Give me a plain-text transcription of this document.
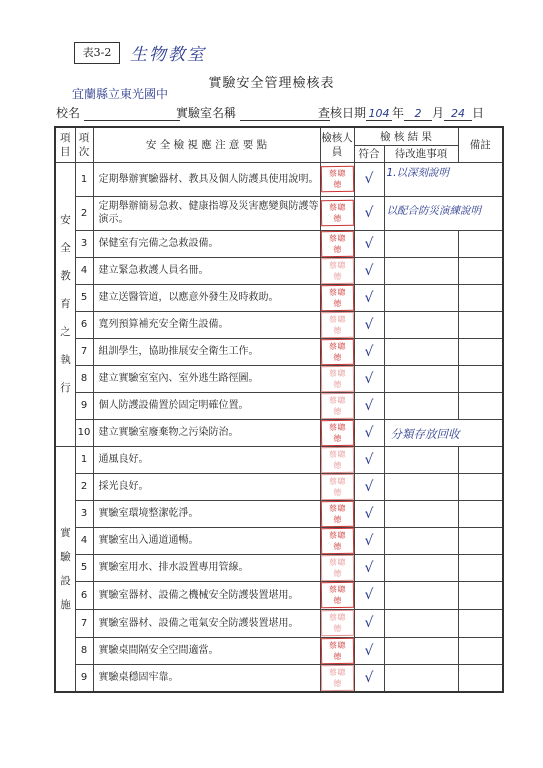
表3-2	生物教室
實驗安全管理檢核表
宜蘭縣立東光國中
校名	實驗室名稱	查核日期 104 年 2 月 24 日
項目	項次	安 全 檢 視 應 注 意 要 點	檢核人員	檢 核 結 果		備註
				符合	待改進事項	
安全教育之執行	1	定期舉辦實驗器材、教具及個人防護具使用說明。	蔡聰德	√	1.以深刻說明	

	2	定期舉辦簡易急救、健康指導及災害應變與防護等演示。	蔡聰德	√	以配合防災演練說明	

	3	保健室有完備之急救設備。	蔡聰德	√		
	4	建立緊急救護人員名冊。	蔡聰德	√		
	5	建立送醫管道，以應意外發生及時救助。	蔡聰德	√		
	6	寬列預算補充安全衛生設備。	蔡聰德	√		
	7	組訓學生，協助推展安全衛生工作。	蔡聰德	√		
	8	建立實驗室室內、室外逃生路徑圖。	蔡聰德	√		
	9	個人防護設備置於固定明確位置。	蔡聰德	√		
	10	建立實驗室廢棄物之污染防治。	蔡聰德	√	分類存放回收	

實驗設施	1	通風良好。	蔡聰德	√		
	2	採光良好。	蔡聰德	√		
	3	實驗室環境整潔乾淨。	蔡聰德	√		
	4	實驗室出入通道通暢。	蔡聰德	√		
	5	實驗室用水、排水設置專用管線。	蔡聰德	√		
	6	實驗室器材、設備之機械安全防護裝置堪用。	蔡聰德	√		
	7	實驗室器材、設備之電氣安全防護裝置堪用。	蔡聰德	√		
	8	實驗桌間隔安全空間適當。	蔡聰德	√		
	9	實驗桌穩固牢靠。	蔡聰德	√		
